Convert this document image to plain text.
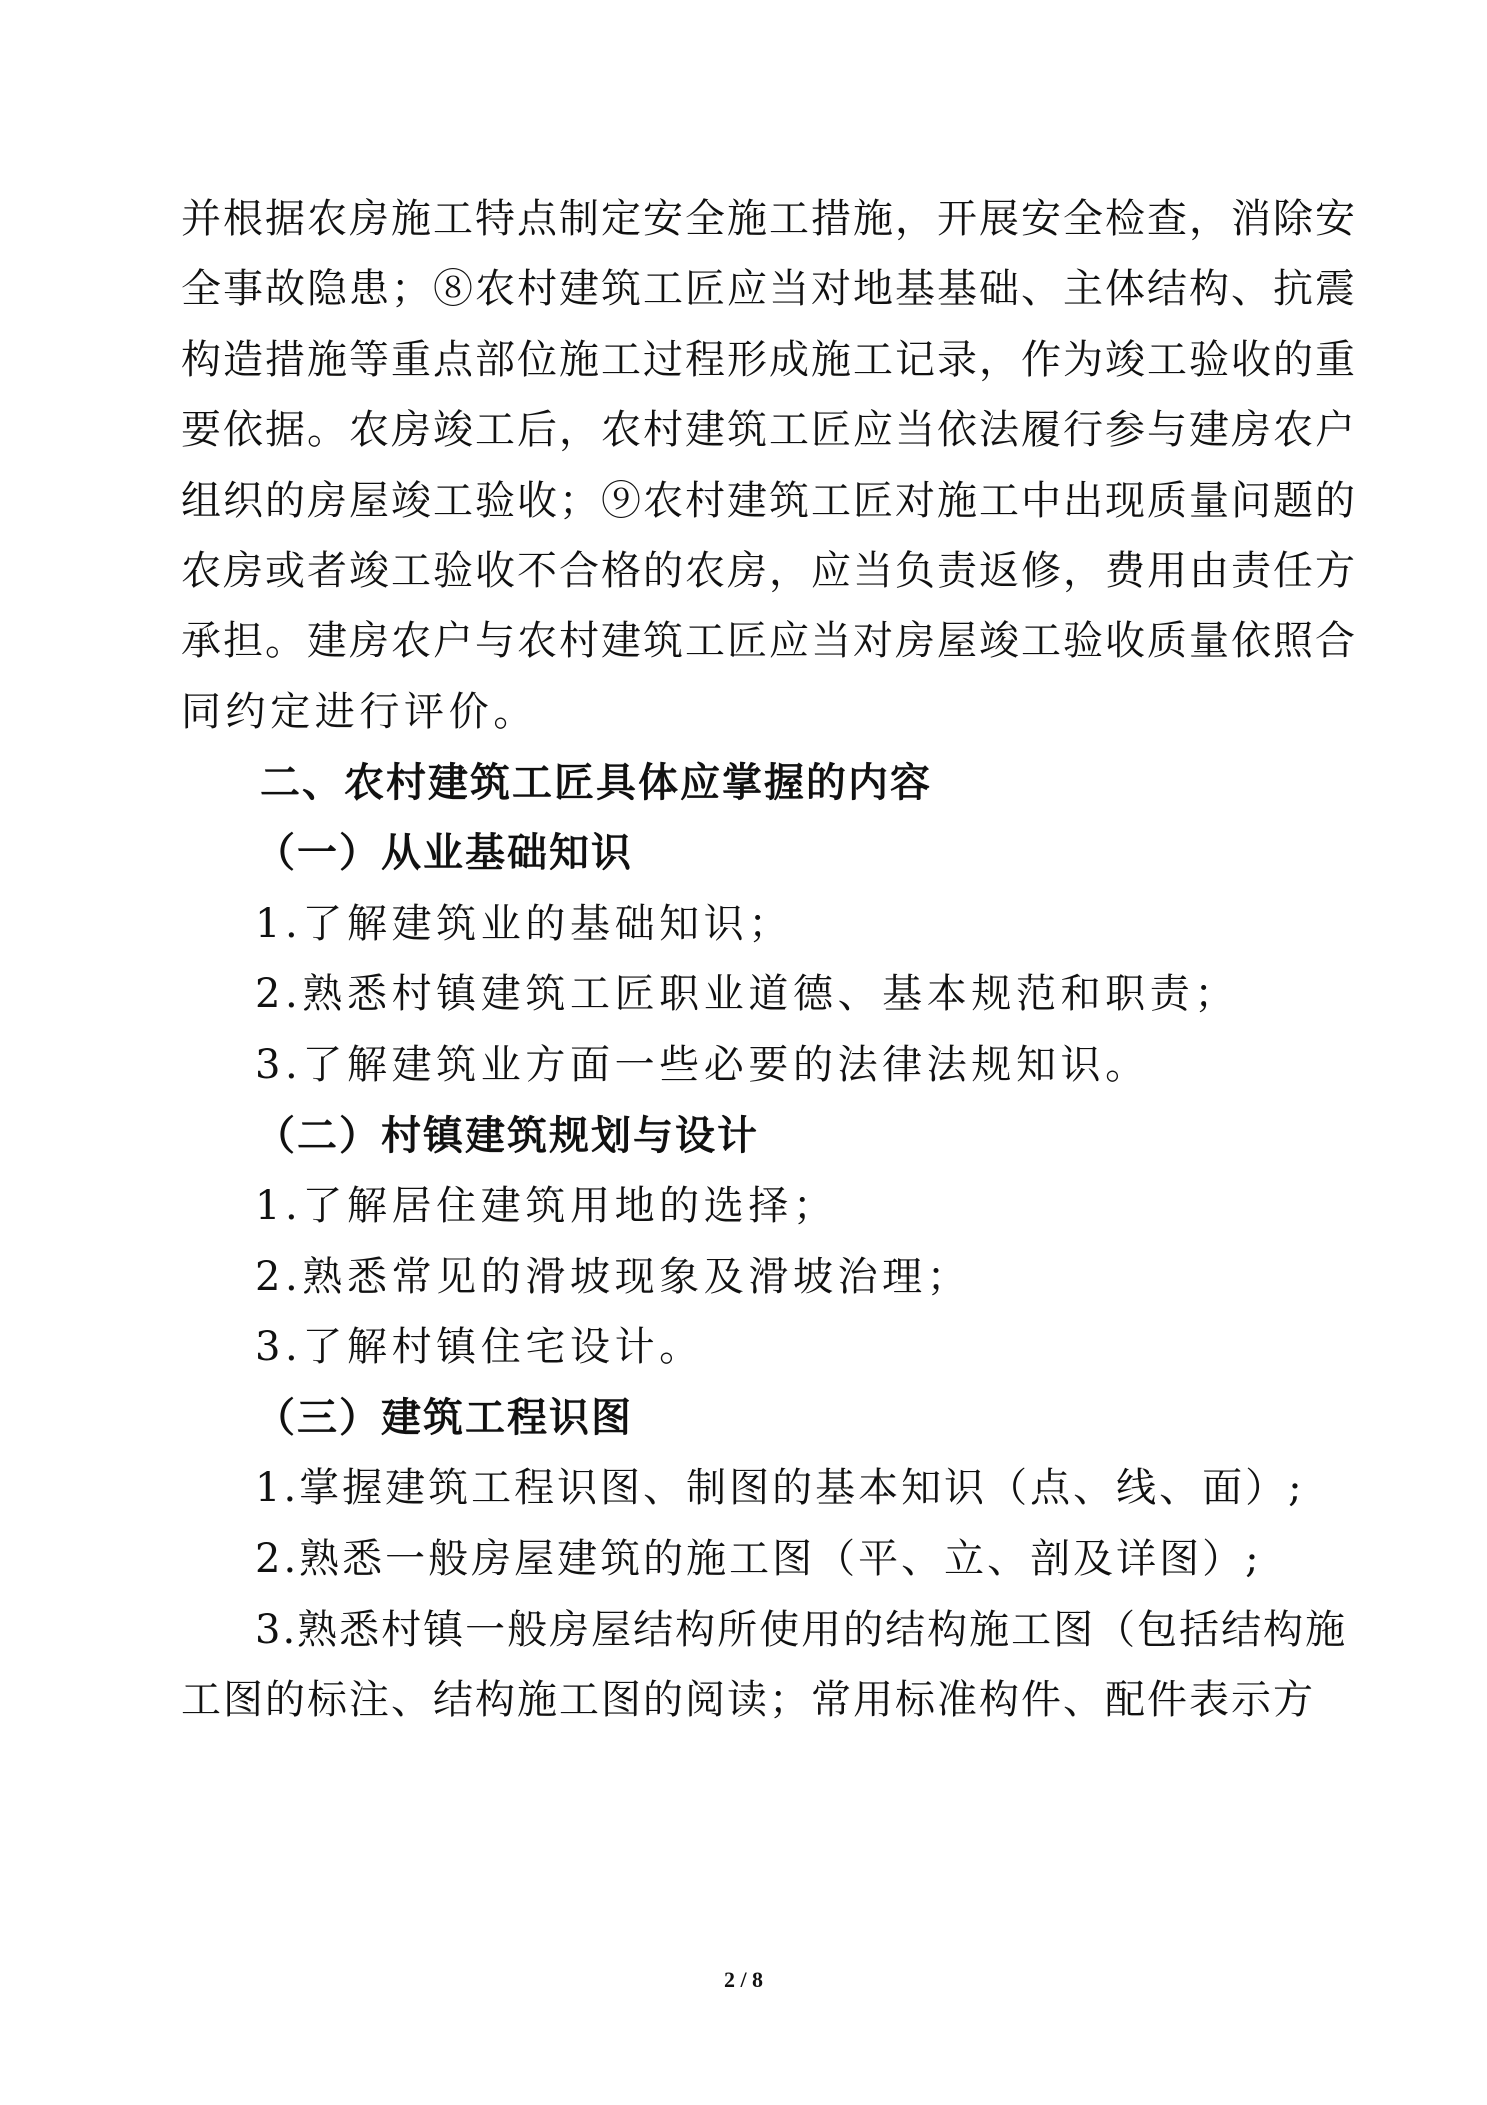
并根据农房施工特点制定安全施工措施，开展安全检查，消除安
全事故隐患；⑧农村建筑工匠应当对地基基础、主体结构、抗震
构造措施等重点部位施工过程形成施工记录，作为竣工验收的重
要依据。农房竣工后，农村建筑工匠应当依法履行参与建房农户
组织的房屋竣工验收；⑨农村建筑工匠对施工中出现质量问题的
农房或者竣工验收不合格的农房，应当负责返修，费用由责任方
承担。建房农户与农村建筑工匠应当对房屋竣工验收质量依照合
同约定进行评价。
二、农村建筑工匠具体应掌握的内容
（一）从业基础知识
1.了解建筑业的基础知识；
2.熟悉村镇建筑工匠职业道德、基本规范和职责；
3.了解建筑业方面一些必要的法律法规知识。
（二）村镇建筑规划与设计
1.了解居住建筑用地的选择；
2.熟悉常见的滑坡现象及滑坡治理；
3.了解村镇住宅设计。
（三）建筑工程识图
1.掌握建筑工程识图、制图的基本知识（点、线、面）;
2.熟悉一般房屋建筑的施工图（平、立、剖及详图）;
3.熟悉村镇一般房屋结构所使用的结构施工图（包括结构施
工图的标注、结构施工图的阅读；常用标准构件、配件表示方
2 / 8
